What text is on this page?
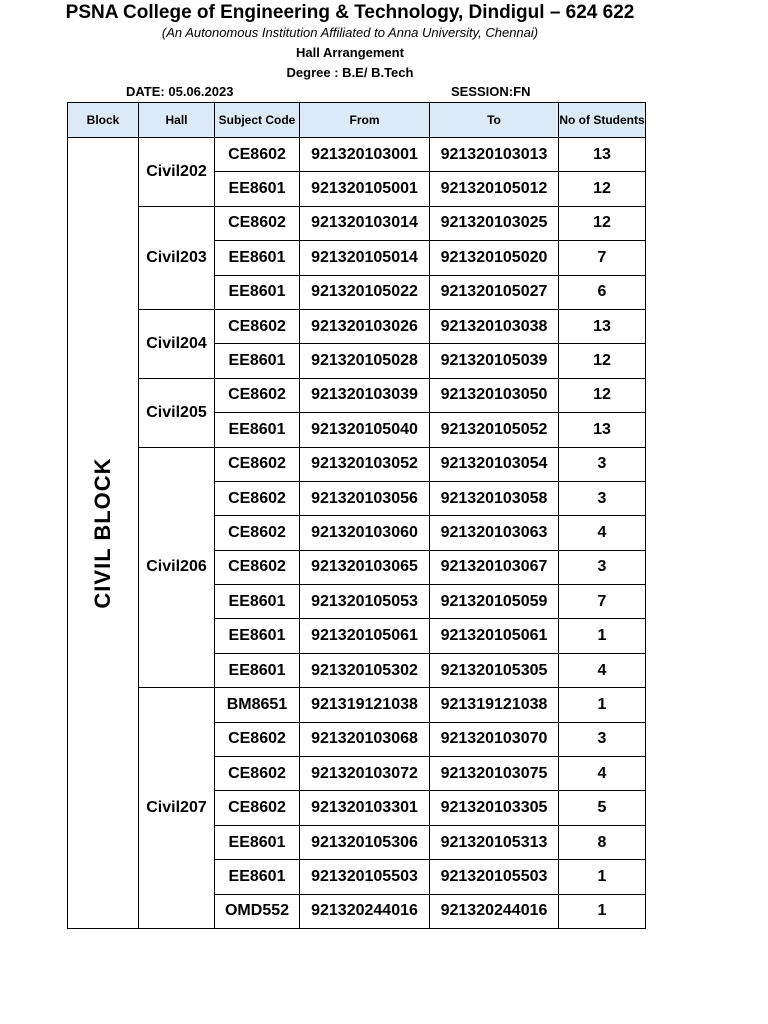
PSNA College of Engineering & Technology, Dindigul – 624 622
(An Autonomous Institution Affiliated to Anna University, Chennai)
Hall Arrangement
Degree : B.E/ B.Tech
DATE: 05.06.2023	SESSION:FN
Block	Hall	Subject Code	From	To	No of Students

CIVIL BLOCK	Civil202	CE8602	921320103001	921320103013	13
		EE8601	921320105001	921320105012	12
	Civil203	CE8602	921320103014	921320103025	12
		EE8601	921320105014	921320105020	7
		EE8601	921320105022	921320105027	6
	Civil204	CE8602	921320103026	921320103038	13
		EE8601	921320105028	921320105039	12
	Civil205	CE8602	921320103039	921320103050	12
		EE8601	921320105040	921320105052	13
	Civil206	CE8602	921320103052	921320103054	3
		CE8602	921320103056	921320103058	3
		CE8602	921320103060	921320103063	4
		CE8602	921320103065	921320103067	3
		EE8601	921320105053	921320105059	7
		EE8601	921320105061	921320105061	1
		EE8601	921320105302	921320105305	4
	Civil207	BM8651	921319121038	921319121038	1
		CE8602	921320103068	921320103070	3
		CE8602	921320103072	921320103075	4
		CE8602	921320103301	921320103305	5
		EE8601	921320105306	921320105313	8
		EE8601	921320105503	921320105503	1
		OMD552	921320244016	921320244016	1
